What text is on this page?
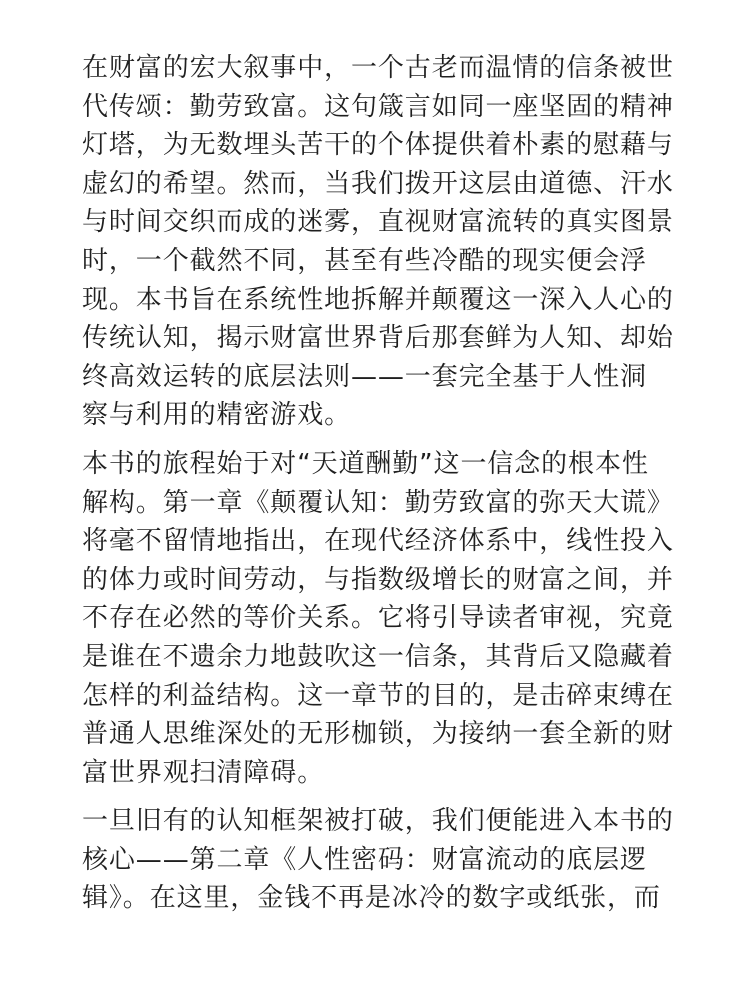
在财富的宏大叙事中，一个古老而温情的信条被世
代传颂：勤劳致富。这句箴言如同一座坚固的精神
灯塔，为无数埋头苦干的个体提供着朴素的慰藉与
虚幻的希望。然而，当我们拨开这层由道德、汗水
与时间交织而成的迷雾，直视财富流转的真实图景
时，一个截然不同，甚至有些冷酷的现实便会浮
现。本书旨在系统性地拆解并颠覆这一深入人心的
传统认知，揭示财富世界背后那套鲜为人知、却始
终高效运转的底层法则——一套完全基于人性洞
察与利用的精密游戏。

本书的旅程始于对“天道酬勤”这一信念的根本性
解构。第一章《颠覆认知：勤劳致富的弥天大谎》
将毫不留情地指出，在现代经济体系中，线性投入
的体力或时间劳动，与指数级增长的财富之间，并
不存在必然的等价关系。它将引导读者审视，究竟
是谁在不遗余力地鼓吹这一信条，其背后又隐藏着
怎样的利益结构。这一章节的目的，是击碎束缚在
普通人思维深处的无形枷锁，为接纳一套全新的财
富世界观扫清障碍。

一旦旧有的认知框架被打破，我们便能进入本书的
核心——第二章《人性密码：财富流动的底层逻
辑》。在这里，金钱不再是冰冷的数字或纸张，而
